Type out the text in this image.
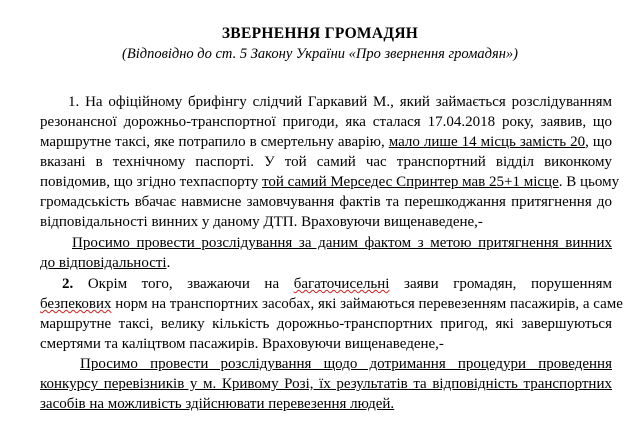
ЗВЕРНЕННЯ ГРОМАДЯН
(Відповідно до ст. 5 Закону України «Про звернення громадян»)
1. На офіційному брифінгу слідчий Гаркавий М., який займається розслідуванням
резонансної дорожньо-транспортної пригоди, яка сталася 17.04.2018 року, заявив, що
маршрутне таксі, яке потрапило в смертельну аварію, мало лише 14 місць замість 20, що
вказані в технічному паспорті. У той самий час транспортний відділ виконкому
повідомив, що згідно техпаспорту той самий Мерседес Спринтер мав 25+1 місце. В цьому
громадськість вбачає навмисне замовчування фактів та перешкоджання притягнення до
відповідальності винних у даному ДТП. Враховуючи вищенаведене,-
Просимо провести розслідування за даним фактом з метою притягнення винних
до відповідальності.
2. Окрім того, зважаючи на багаточисельні заяви громадян, порушенням
безпекових норм на транспортних засобах, які займаються перевезенням пасажирів, а саме
маршрутне таксі, велику кількість дорожньо-транспортних пригод, які завершуються
смертями та каліцтвом пасажирів. Враховуючи вищенаведене,-
Просимо провести розслідування щодо дотримання процедури проведення
конкурсу перевізників у м. Кривому Розі, їх результатів та відповідність транспортних
засобів на можливість здійснювати перевезення людей.
